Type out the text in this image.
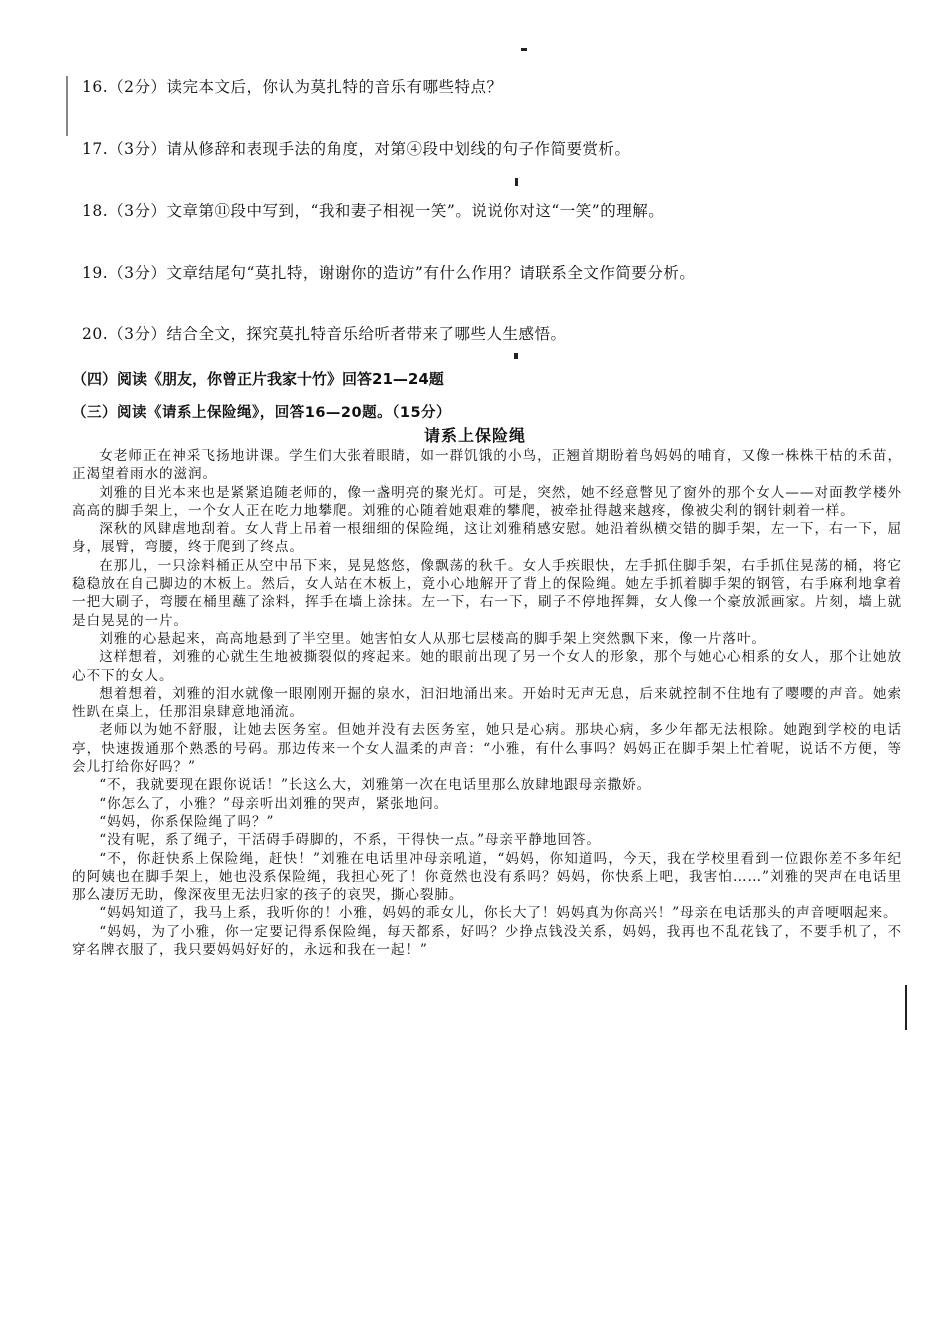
16.（2分）读完本文后，你认为莫扎特的音乐有哪些特点？
17.（3分）请从修辞和表现手法的角度，对第④段中划线的句子作简要赏析。
18.（3分）文章第⑪段中写到，“我和妻子相视一笑”。说说你对这“一笑”的理解。
19.（3分）文章结尾句“莫扎特，谢谢你的造访”有什么作用？请联系全文作简要分析。
20.（3分）结合全文，探究莫扎特音乐给听者带来了哪些人生感悟。
（四）阅读《朋友，你曾正片我家十竹》回答21—24题
（三）阅读《请系上保险绳》，回答16—20题。（15分）
请系上保险绳

女老师正在神采飞扬地讲课。学生们大张着眼睛，如一群饥饿的小鸟，正翘首期盼着鸟妈妈的哺育，又像一株株干枯的禾苗，正渴望着雨水的滋润。

刘雅的目光本来也是紧紧追随老师的，像一盏明亮的聚光灯。可是，突然，她不经意瞥见了窗外的那个女人——对面教学楼外高高的脚手架上，一个女人正在吃力地攀爬。刘雅的心随着她艰难的攀爬，被牵扯得越来越疼，像被尖利的钢针刺着一样。

深秋的风肆虐地刮着。女人背上吊着一根细细的保险绳，这让刘雅稍感安慰。她沿着纵横交错的脚手架，左一下，右一下，屈身，展臂，弯腰，终于爬到了终点。

在那儿，一只涂料桶正从空中吊下来，晃晃悠悠，像飘荡的秋千。女人手疾眼快，左手抓住脚手架，右手抓住晃荡的桶，将它稳稳放在自己脚边的木板上。然后，女人站在木板上，竟小心地解开了背上的保险绳。她左手抓着脚手架的钢管，右手麻利地拿着一把大刷子，弯腰在桶里蘸了涂料，挥手在墙上涂抹。左一下，右一下，刷子不停地挥舞，女人像一个豪放派画家。片刻，墙上就是白晃晃的一片。

刘雅的心悬起来，高高地悬到了半空里。她害怕女人从那七层楼高的脚手架上突然飘下来，像一片落叶。

这样想着，刘雅的心就生生地被撕裂似的疼起来。她的眼前出现了另一个女人的形象，那个与她心心相系的女人，那个让她放心不下的女人。

想着想着，刘雅的泪水就像一眼刚刚开掘的泉水，汩汩地涌出来。开始时无声无息，后来就控制不住地有了嘤嘤的声音。她索性趴在桌上，任那泪泉肆意地涌流。

老师以为她不舒服，让她去医务室。但她并没有去医务室，她只是心病。那块心病，多少年都无法根除。她跑到学校的电话亭，快速拨通那个熟悉的号码。那边传来一个女人温柔的声音：“小雅，有什么事吗？妈妈正在脚手架上忙着呢，说话不方便，等会儿打给你好吗？”

“不，我就要现在跟你说话！”长这么大，刘雅第一次在电话里那么放肆地跟母亲撒娇。

“你怎么了，小雅？”母亲听出刘雅的哭声，紧张地问。

“妈妈，你系保险绳了吗？”

“没有呢，系了绳子，干活碍手碍脚的，不系，干得快一点。”母亲平静地回答。

“不，你赶快系上保险绳，赶快！”刘雅在电话里冲母亲吼道，“妈妈，你知道吗，今天，我在学校里看到一位跟你差不多年纪的阿姨也在脚手架上，她也没系保险绳，我担心死了！你竟然也没有系吗？妈妈，你快系上吧，我害怕……”刘雅的哭声在电话里那么凄厉无助，像深夜里无法归家的孩子的哀哭，撕心裂肺。

“妈妈知道了，我马上系，我听你的！小雅，妈妈的乖女儿，你长大了！妈妈真为你高兴！”母亲在电话那头的声音哽咽起来。

“妈妈，为了小雅，你一定要记得系保险绳，每天都系，好吗？少挣点钱没关系，妈妈，我再也不乱花钱了，不要手机了，不穿名牌衣服了，我只要妈妈好好的，永远和我在一起！”
